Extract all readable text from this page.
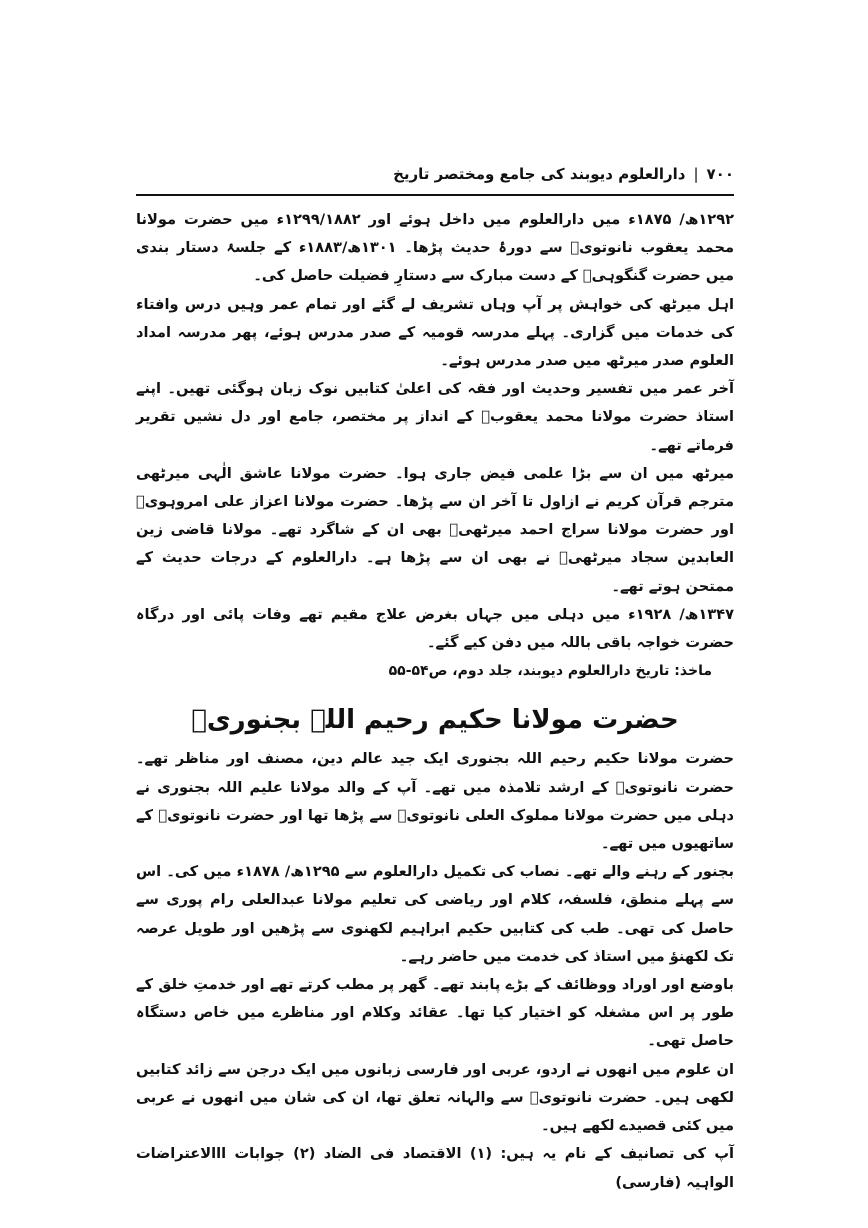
٧٠٠
|
دارالعلوم دیوبند کی جامع ومختصر تاریخ

۱۲۹۲ھ/ ۱۸۷۵ء میں دارالعلوم میں داخل ہوئے اور ۱۲۹۹/۱۸۸۲ء میں حضرت مولانا محمد یعقوب نانوتویؒ سے دورۂ حدیث پڑھا۔ ۱۳۰۱ھ/۱۸۸۳ء کے جلسۂ دستار بندی میں حضرت گنگوہیؒ کے دست مبارک سے دستارِ فضیلت حاصل کی۔

اہل میرٹھ کی خواہش پر آپ وہاں تشریف لے گئے اور تمام عمر وہیں درس وافتاء کی خدمات میں گزاری۔ پہلے مدرسہ قومیہ کے صدر مدرس ہوئے، پھر مدرسہ امداد العلوم صدر میرٹھ میں صدر مدرس ہوئے۔

آخر عمر میں تفسیر وحدیث اور فقہ کی اعلیٰ کتابیں نوک زبان ہوگئی تھیں۔ اپنے استاذ حضرت مولانا محمد یعقوبؒ کے انداز پر مختصر، جامع اور دل نشیں تقریر فرماتے تھے۔

میرٹھ میں ان سے بڑا علمی فیض جاری ہوا۔ حضرت مولانا عاشق الٰہی میرٹھی مترجم قرآن کریم نے ازاول تا آخر ان سے پڑھا۔ حضرت مولانا اعزاز علی امروہویؒ اور حضرت مولانا سراج احمد میرٹھیؒ بھی ان کے شاگرد تھے۔ مولانا قاضی زین العابدین سجاد میرٹھیؒ نے بھی ان سے پڑھا ہے۔ دارالعلوم کے درجات حدیث کے ممتحن ہوتے تھے۔

۱۳۴۷ھ/ ۱۹۲۸ء میں دہلی میں جہاں بغرض علاج مقیم تھے وفات پائی اور درگاہ حضرت خواجہ باقی باللہ میں دفن کیے گئے۔

ماخذ: تاریخ دارالعلوم دیوبند، جلد دوم، ص۵۴-۵۵

حضرت مولانا حکیم رحیم اللہ بجنوریؒ

حضرت مولانا حکیم رحیم اللہ بجنوری ایک جید عالم دین، مصنف اور مناظر تھے۔ حضرت نانوتویؒ کے ارشد تلامذہ میں تھے۔ آپ کے والد مولانا علیم اللہ بجنوری نے دہلی میں حضرت مولانا مملوک العلی نانوتویؒ سے پڑھا تھا اور حضرت نانوتویؒ کے ساتھیوں میں تھے۔

بجنور کے رہنے والے تھے۔ نصاب کی تکمیل دارالعلوم سے ۱۲۹۵ھ/ ۱۸۷۸ء میں کی۔ اس سے پہلے منطق، فلسفہ، کلام اور ریاضی کی تعلیم مولانا عبدالعلی رام پوری سے حاصل کی تھی۔ طب کی کتابیں حکیم ابراہیم لکھنوی سے پڑھیں اور طویل عرصہ تک لکھنؤ میں استاذ کی خدمت میں حاضر رہے۔

باوضع اور اوراد ووظائف کے بڑے پابند تھے۔ گھر پر مطب کرتے تھے اور خدمتِ خلق کے طور پر اس مشغلہ کو اختیار کیا تھا۔ عقائد وکلام اور مناظرے میں خاص دستگاہ حاصل تھی۔

ان علوم میں انھوں نے اردو، عربی اور فارسی زبانوں میں ایک درجن سے زائد کتابیں لکھی ہیں۔ حضرت نانوتویؒ سے والہانہ تعلق تھا، ان کی شان میں انھوں نے عربی میں کئی قصیدے لکھے ہیں۔

آپ کی تصانیف کے نام یہ ہیں: (۱) الاقتصاد فی الضاد (۲) جوابات ااالاعتراضات الواہیہ (فارسی)
